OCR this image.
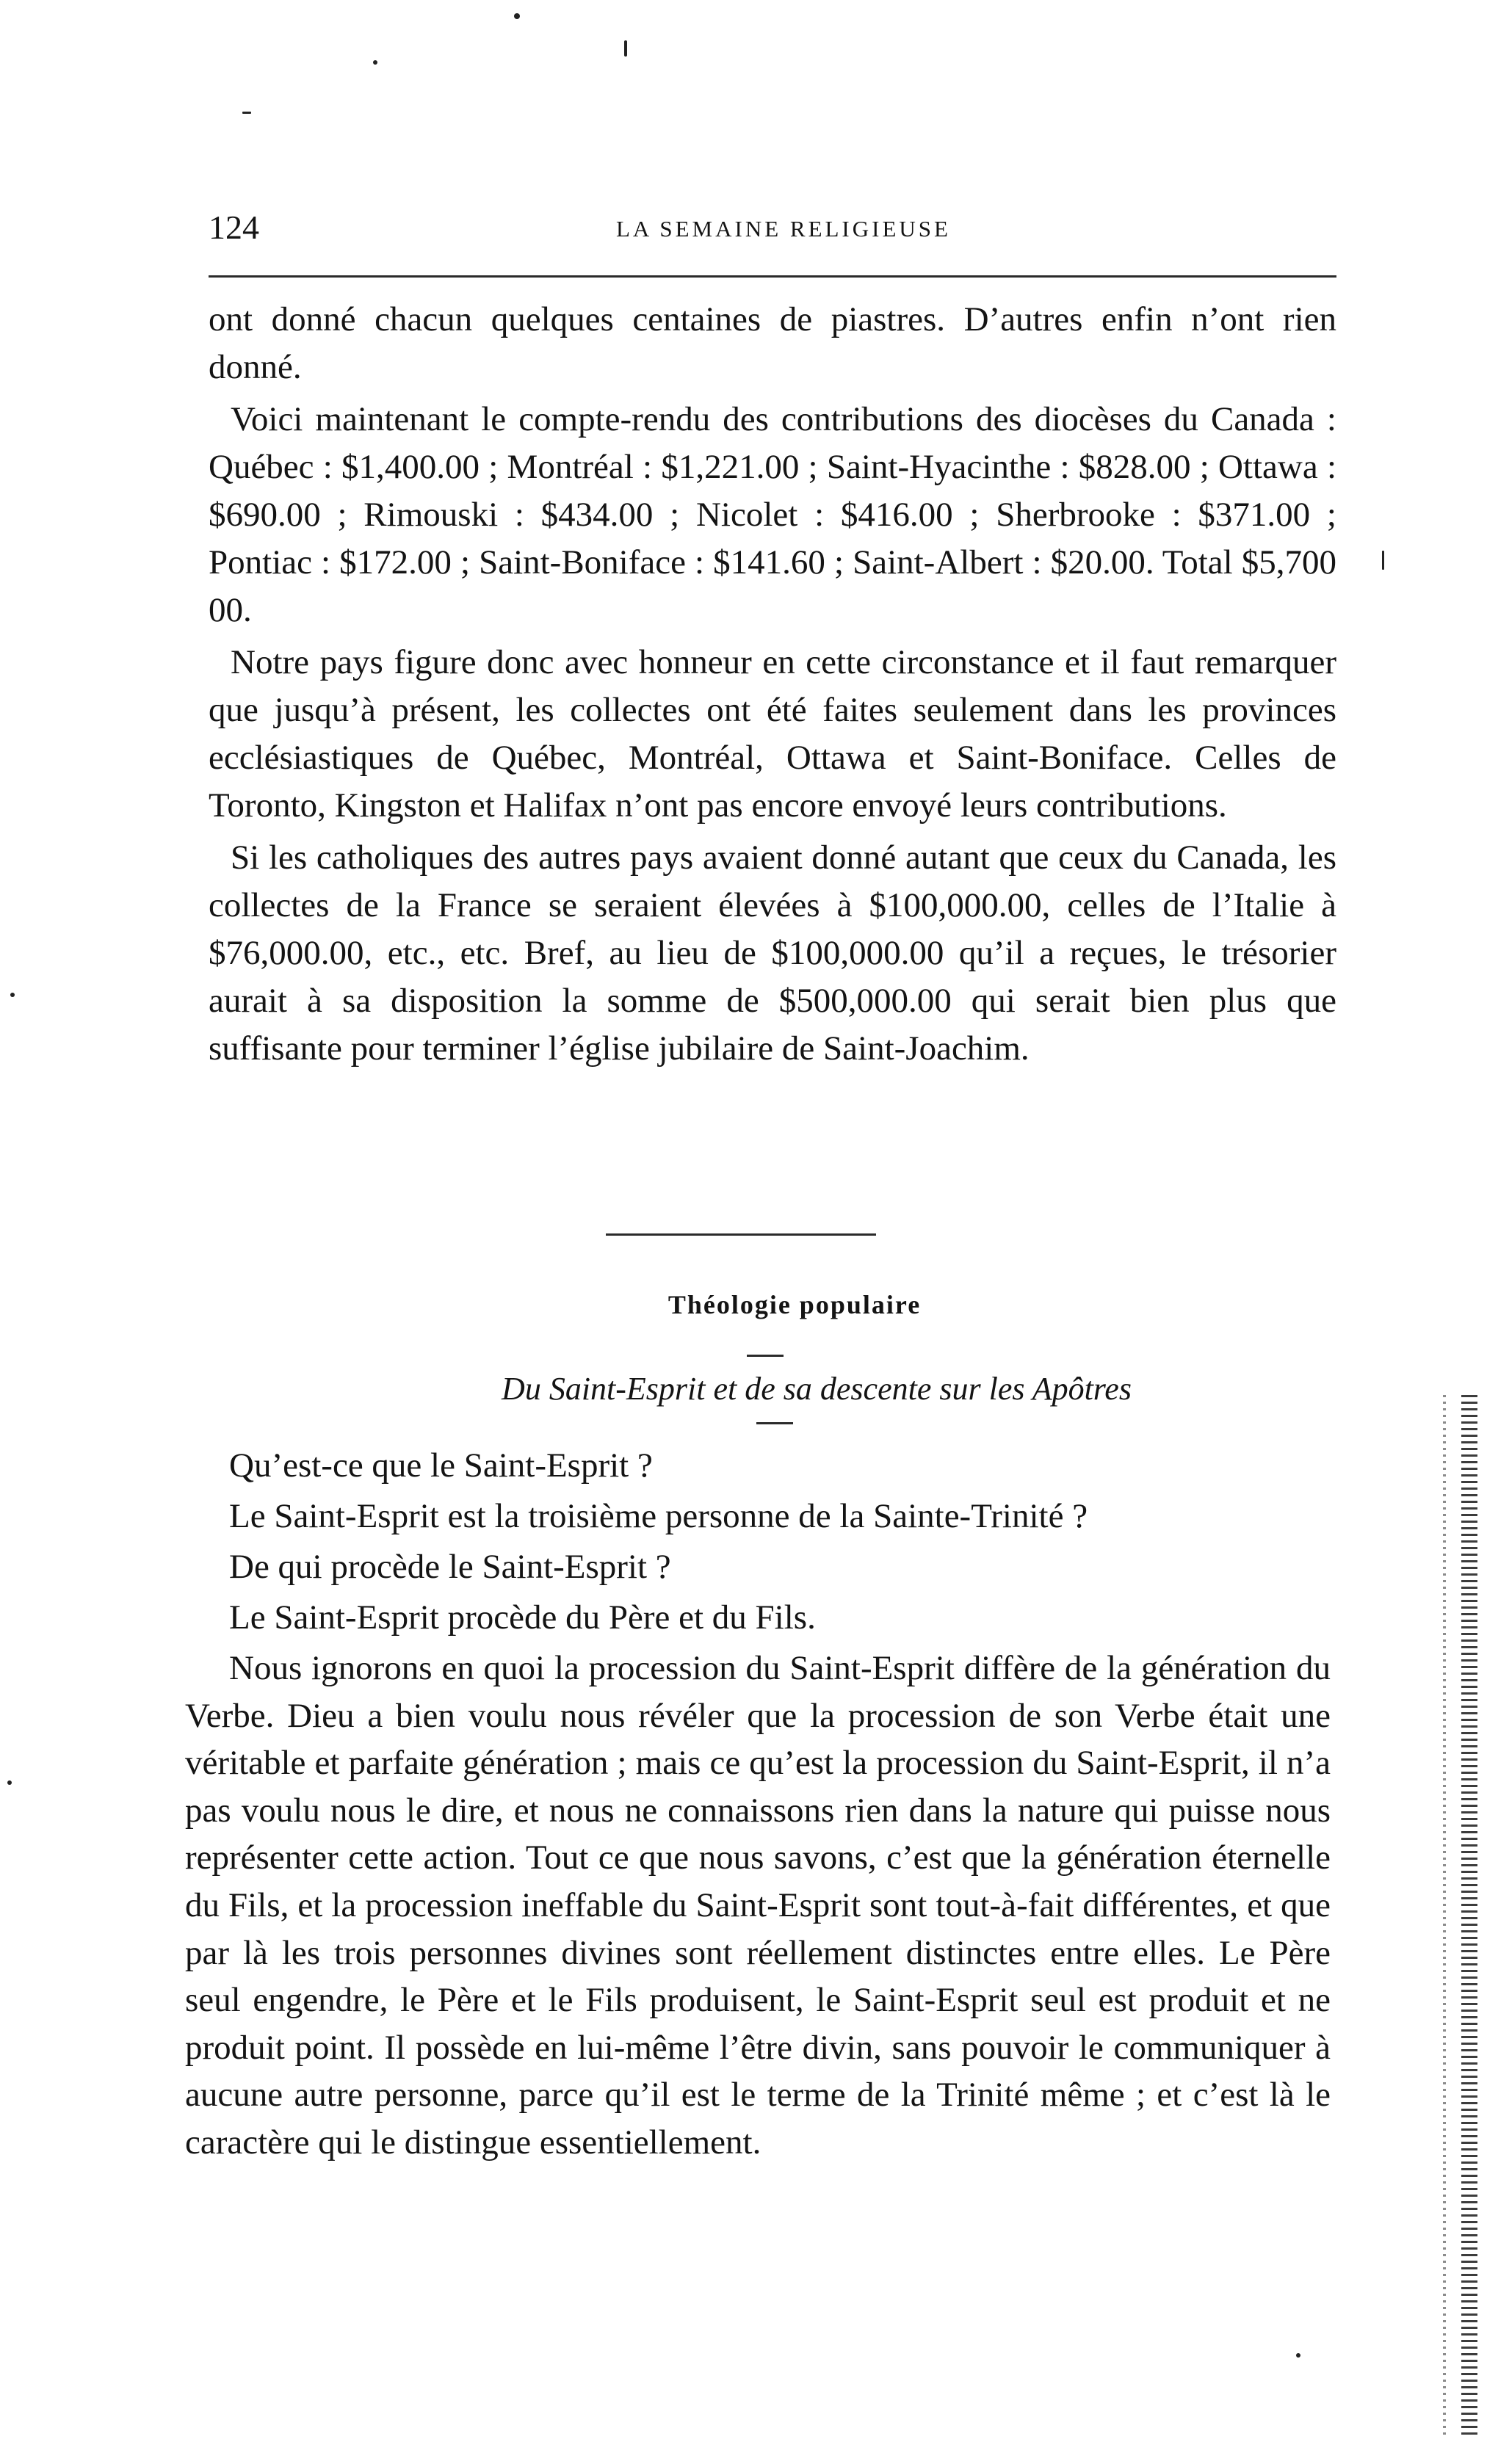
124	LA SEMAINE RELIGIEUSE

ont donné chacun quelques centaines de piastres. D’autres enfin n’ont rien donné.

Voici maintenant le compte-rendu des contributions des diocèses du Canada : Québec : $1,400.00 ; Montréal : $1,221.00 ; Saint-Hyacinthe : $828.00 ; Ottawa : $690.00 ; Rimouski : $434.00 ; Nicolet : $416.00 ; Sherbrooke : $371.00 ; Pontiac : $172.00 ; Saint-Boniface : $141.60 ; Saint-Albert : $20.00. Total $5,700 00.

Notre pays figure donc avec honneur en cette circonstance et il faut remarquer que jusqu’à présent, les collectes ont été faites seulement dans les provinces ecclésiastiques de Québec, Montréal, Ottawa et Saint-Boniface. Celles de Toronto, Kingston et Halifax n’ont pas encore envoyé leurs contributions.

Si les catholiques des autres pays avaient donné autant que ceux du Canada, les collectes de la France se seraient élevées à $100,000.00, celles de l’Italie à $76,000.00, etc., etc. Bref, au lieu de $100,000.00 qu’il a reçues, le trésorier aurait à sa disposition la somme de $500,000.00 qui serait bien plus que suffisante pour terminer l’église jubilaire de Saint-Joachim.

Théologie populaire
Du Saint-Esprit et de sa descente sur les Apôtres

Qu’est-ce que le Saint-Esprit ?

Le Saint-Esprit est la troisième personne de la Sainte-Trinité ?

De qui procède le Saint-Esprit ?

Le Saint-Esprit procède du Père et du Fils.

Nous ignorons en quoi la procession du Saint-Esprit diffère de la génération du Verbe. Dieu a bien voulu nous révéler que la procession de son Verbe était une véritable et parfaite génération ; mais ce qu’est la procession du Saint-Esprit, il n’a pas voulu nous le dire, et nous ne connaissons rien dans la nature qui puisse nous représenter cette action. Tout ce que nous savons, c’est que la génération éternelle du Fils, et la procession ineffable du Saint-Esprit sont tout-à-fait différentes, et que par là les trois personnes divines sont réellement distinctes entre elles. Le Père seul engendre, le Père et le Fils produisent, le Saint-Esprit seul est produit et ne produit point. Il possède en lui-même l’être divin, sans pouvoir le communiquer à aucune autre personne, parce qu’il est le terme de la Trinité même ; et c’est là le caractère qui le distingue essentiellement.
